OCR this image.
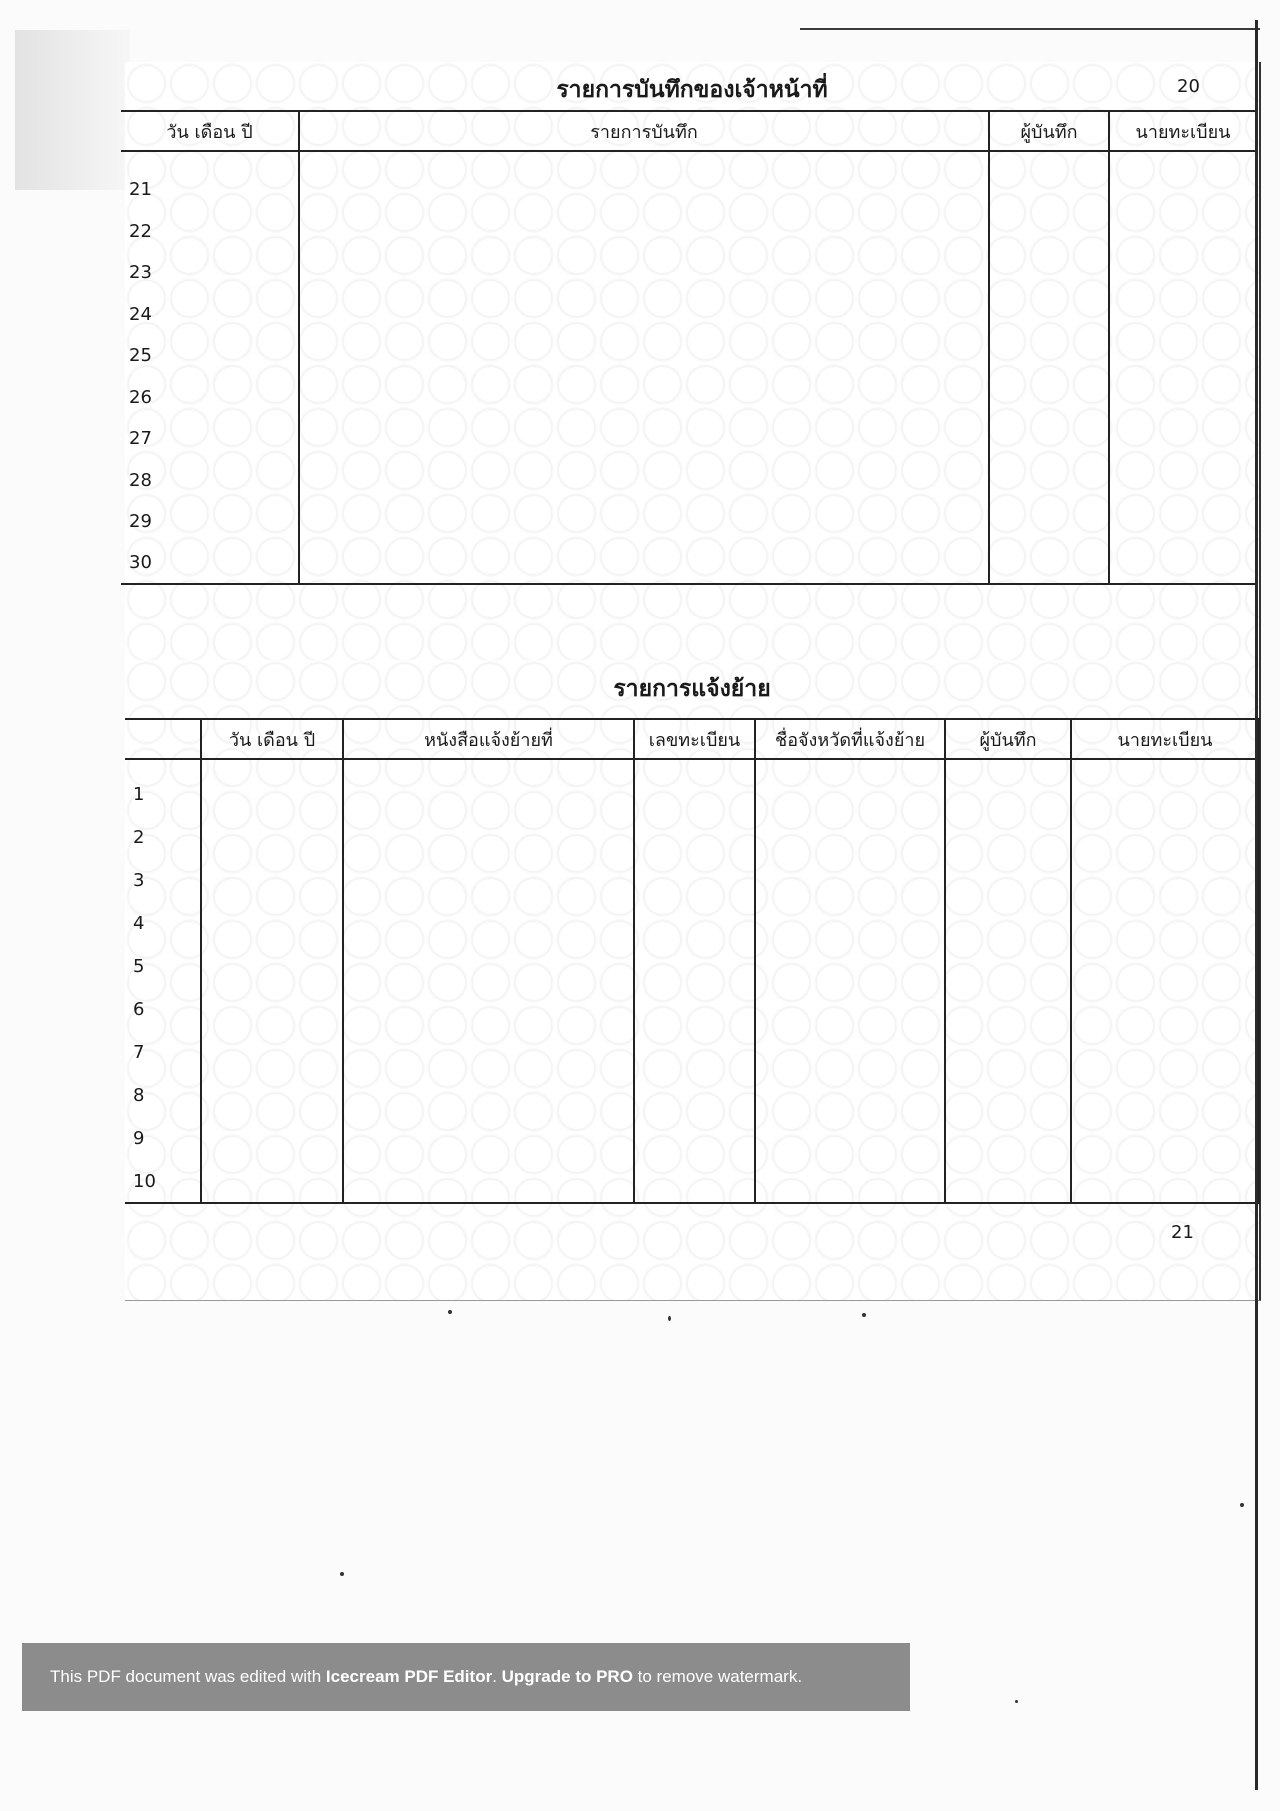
รายการบันทึกของเจ้าหน้าที่	20
วัน เดือน ปี	รายการบันทึก	ผู้บันทึก	นายทะเบียน

21			
22			
23			
24			
25			
26			
27			
28			
29			
30			
รายการแจ้งย้าย
21
	วัน เดือน ปี	หนังสือแจ้งย้ายที่	เลขทะเบียน	ชื่อจังหวัดที่แจ้งย้าย	ผู้บันทึก	นายทะเบียน

1						
2						
3						
4						
5						
6						
7						
8						
9						
10						
This PDF document was edited with Icecream PDF Editor. Upgrade to PRO to remove watermark.
